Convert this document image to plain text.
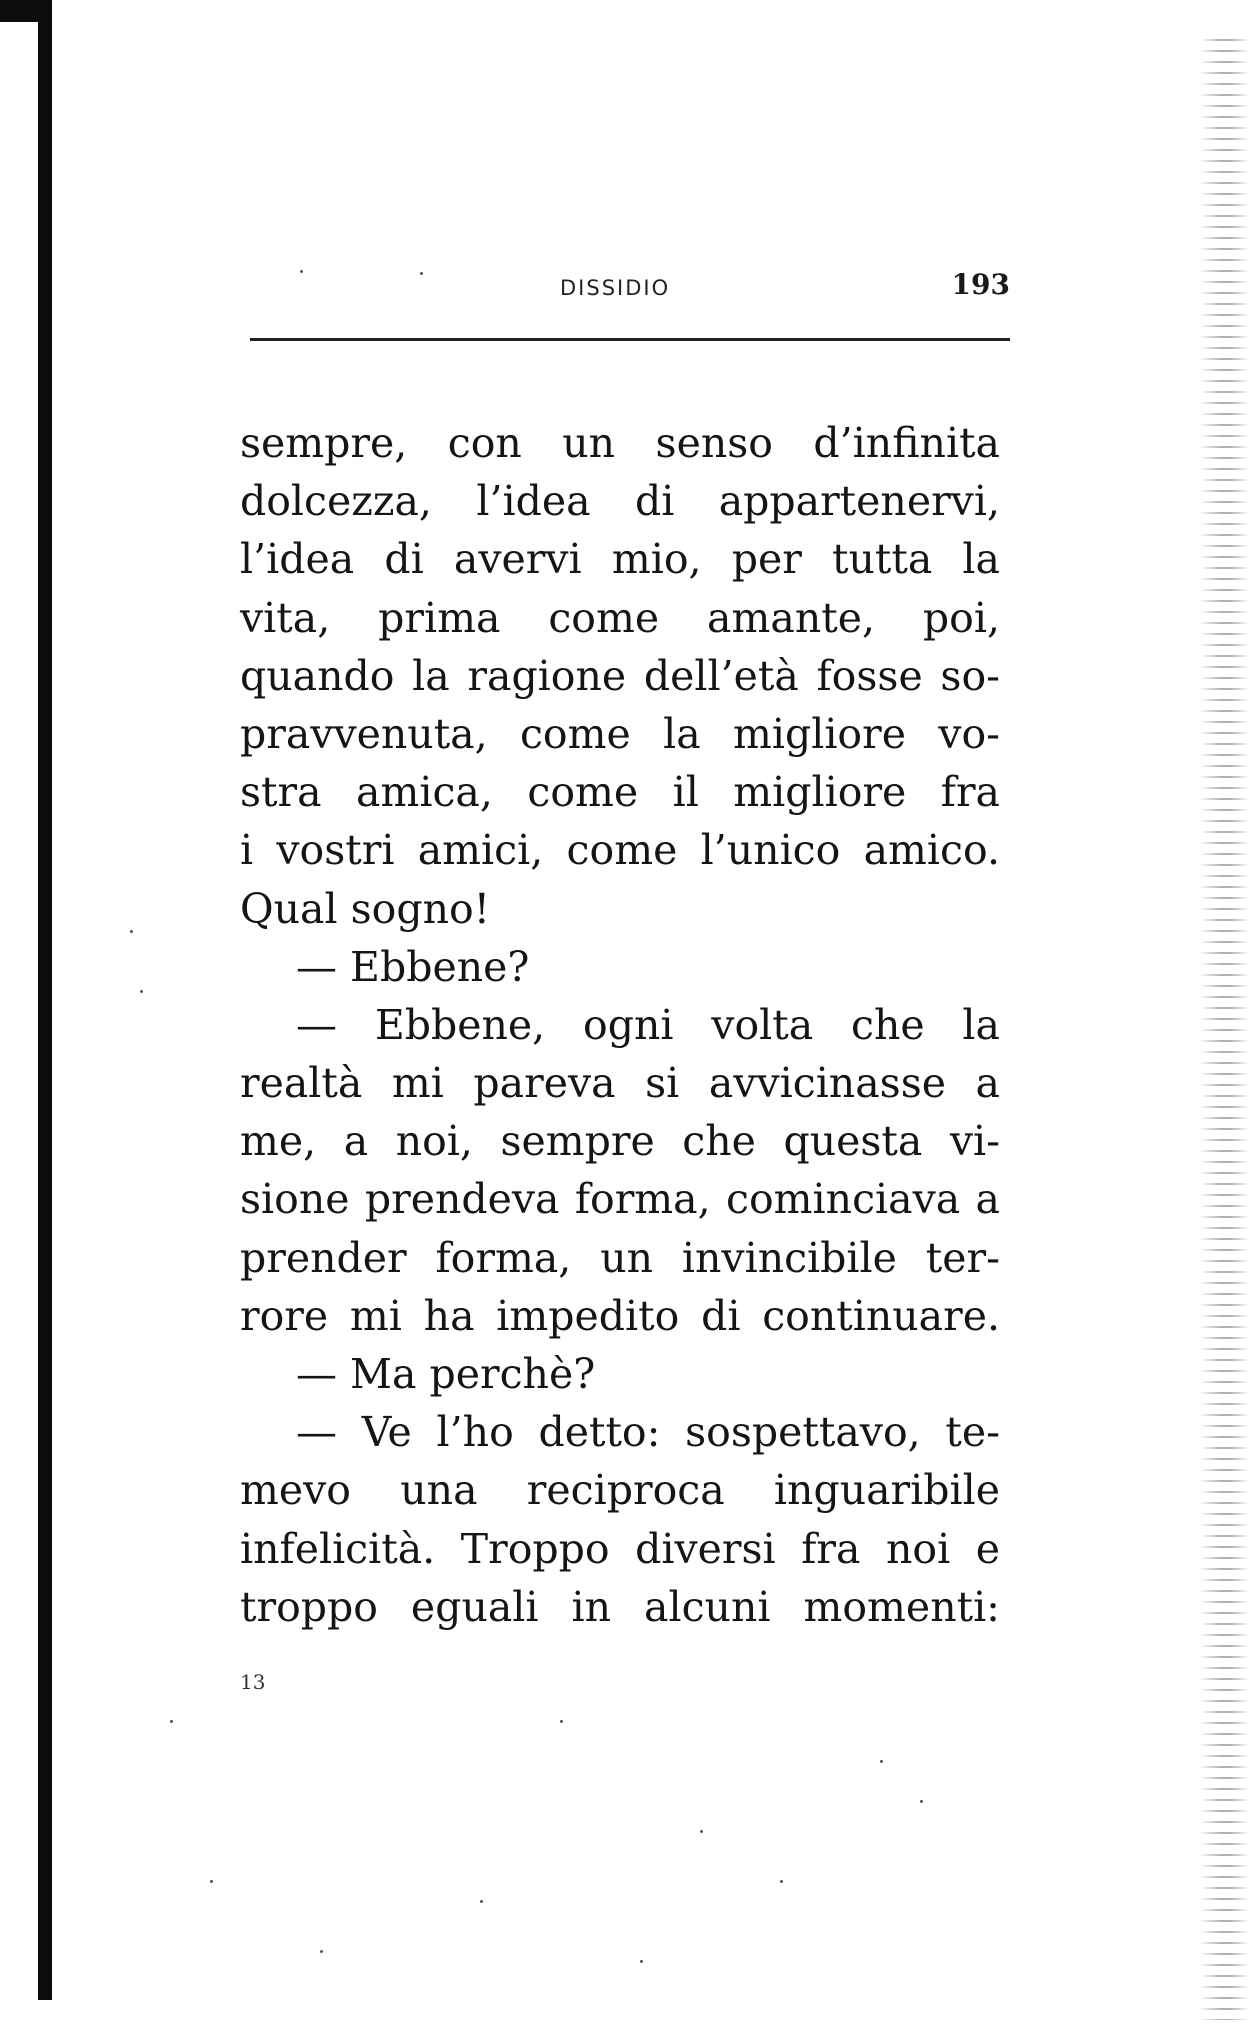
DISSIDIO	193
sempre, con un senso d’infinita
dolcezza, l’idea di appartenervi,
l’idea di avervi mio, per tutta la
vita, prima come amante, poi,
quando la ragione dell’età fosse so-
pravvenuta, come la migliore vo-
stra amica, come il migliore fra
i vostri amici, come l’unico amico.
Qual sogno!
— Ebbene?
— Ebbene, ogni volta che la
realtà mi pareva si avvicinasse a
me, a noi, sempre che questa vi-
sione prendeva forma, cominciava a
prender forma, un invincibile ter-
rore mi ha impedito di continuare.
— Ma perchè?
— Ve l’ho detto: sospettavo, te-
mevo una reciproca inguaribile
infelicità. Troppo diversi fra noi e
troppo eguali in alcuni momenti:
13
